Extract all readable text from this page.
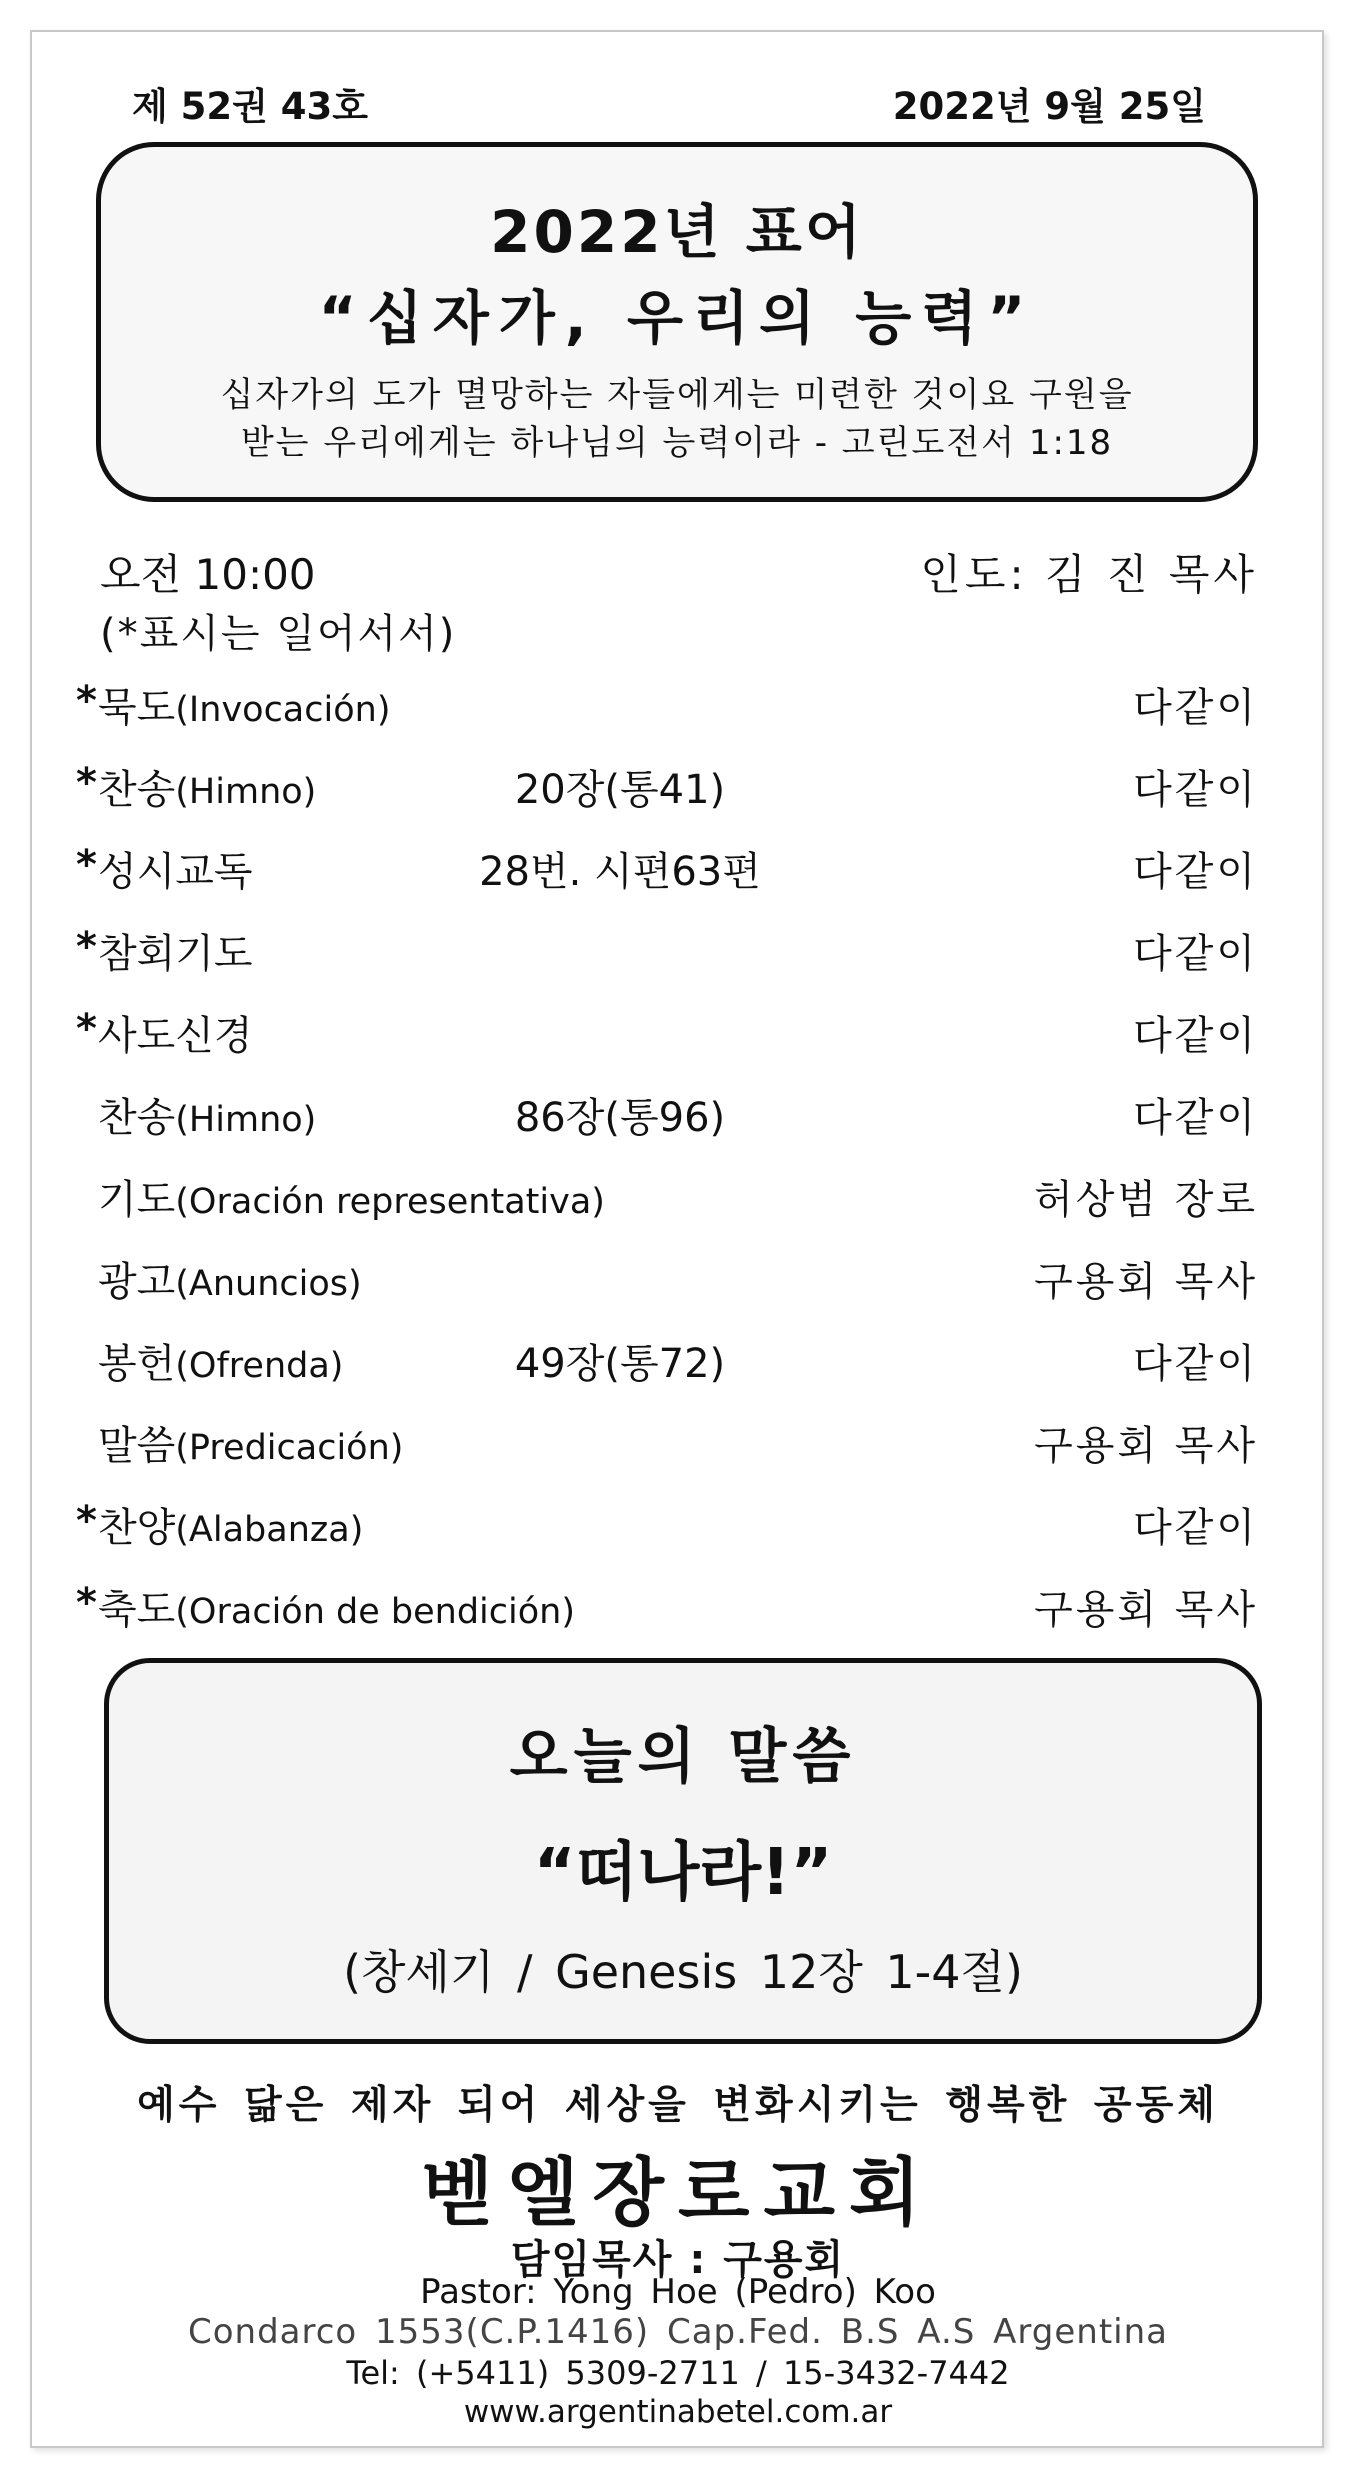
제 52권 43호	2022년 9월 25일
2022년 표어
“십자가, 우리의 능력”
십자가의 도가 멸망하는 자들에게는 미련한 것이요 구원을
받는 우리에게는 하나님의 능력이라 - 고린도전서 1:18
오전 10:00	인도: 김 진 목사
(*표시는 일어서서)
* 묵도(Invocación)	다같이
* 찬송(Himno)	20장(통41)	다같이
* 성시교독	28번. 시편63편	다같이
* 참회기도	다같이
* 사도신경	다같이
찬송(Himno)	86장(통96)	다같이
기도(Oración representativa)	허상범 장로
광고(Anuncios)	구용회 목사
봉헌(Ofrenda)	49장(통72)	다같이
말씀(Predicación)	구용회 목사
* 찬양(Alabanza)	다같이
* 축도(Oración de bendición)	구용회 목사
오늘의 말씀
“떠나라!”
(창세기 / Genesis 12장 1-4절)
예수 닮은 제자 되어 세상을 변화시키는 행복한 공동체
벧엘장로교회
담임목사 : 구용회
Pastor: Yong Hoe (Pedro) Koo
Condarco 1553(C.P.1416) Cap.Fed. B.S A.S Argentina
Tel: (+5411) 5309-2711 / 15-3432-7442
www.argentinabetel.com.ar
